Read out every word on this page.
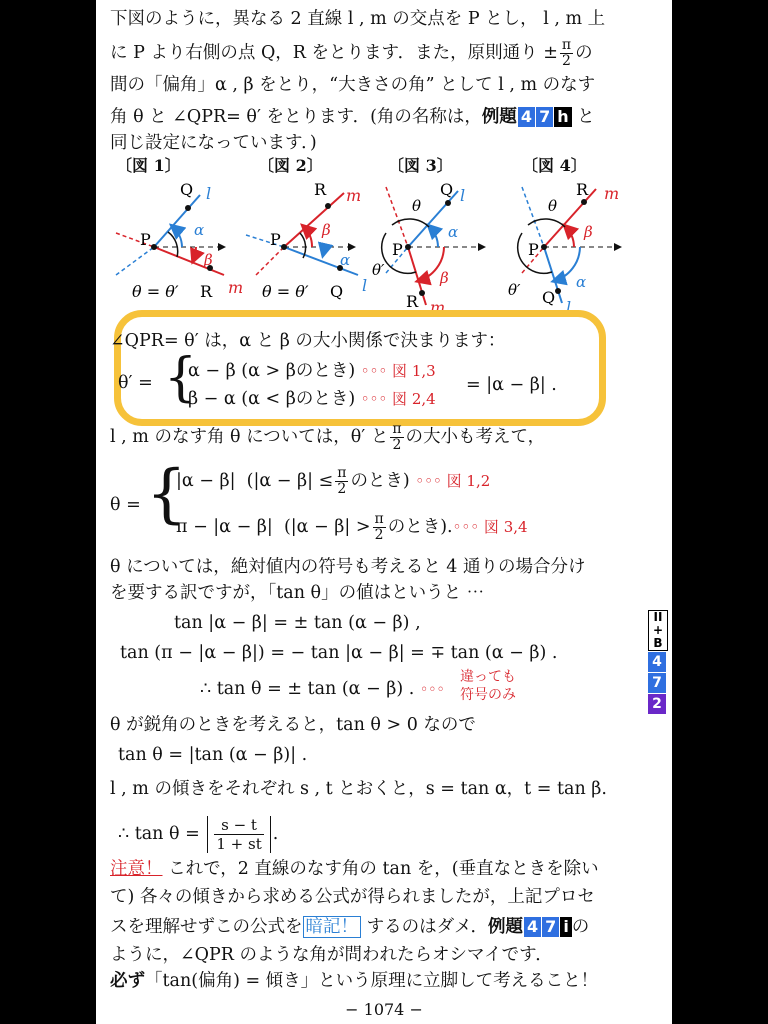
下図のように，異なる 2 直線 l , m の交点を P とし， l , m 上
に P より右側の点 Q，R をとります．また，原則通り ± $\frac{\pi}{2}$ の
間の「偏角」α , β をとり，“大きさの角” として l , m のなす
角 θ と ∠QPR= θ′ をとります．(角の名称は，例題 4 7 h と
同じ設定になっています．)
〔図 1〕	〔図 2〕	〔図 3〕	〔図 4〕
P
Q
R
l
m
α
β
θ = θ′
P
R
Q
m
l
β
α
θ = θ′
P
Q
R
l
m
α
β
θ
θ′
P
R
Q
m
l
β
α
θ
θ′
∠QPR= θ′ は，α と β の大小関係で決まります：
θ′ = {
α − β (α > βのとき) ◦◦◦ 図 1,3
β − α (α < βのとき) ◦◦◦ 図 2,4
= |α − β| .
l , m のなす角 θ については，θ′ と $\frac{\pi}{2}$ の大小も考えて，
θ = {
|α − β| ($|\alpha - \beta| \le \frac{\pi}{2}$ のとき) ◦◦◦ 図 1,2
π − |α − β| ($|\alpha - \beta| > \frac{\pi}{2}$ のとき).◦◦◦ 図 3,4
θ については，絶対値内の符号も考えると 4 通りの場合分け
を要する訳ですが，「tan θ」の値はというと ⋯
tan |α − β| = ± tan (α − β) ,
tan (π − |α − β|) = − tan |α − β| = ∓ tan (α − β) .
∴ tan θ = ± tan (α − β) . ◦◦◦
違っても
符号のみ
θ が鋭角のときを考えると，tan θ > 0 なので
tan θ = |tan (α − β)| .
l , m の傾きをそれぞれ s , t とおくと，s = tan α，t = tan β.
∴ $\tan \theta = \frac{s - t}{1 + st}$ .
注意！ これで，2 直線のなす角の tan を，(垂直なときを除い
て) 各々の傾きから求める公式が得られましたが，上記プロセ
スを理解せずこの公式を 暗記！ するのはダメ．例題 4 7 i の
ように，∠QPR のような角が問われたらオシマイです．
必ず「tan(偏角) = 傾き」という原理に立脚して考えること！
− 1074 −
II
+
B
4
7
2
